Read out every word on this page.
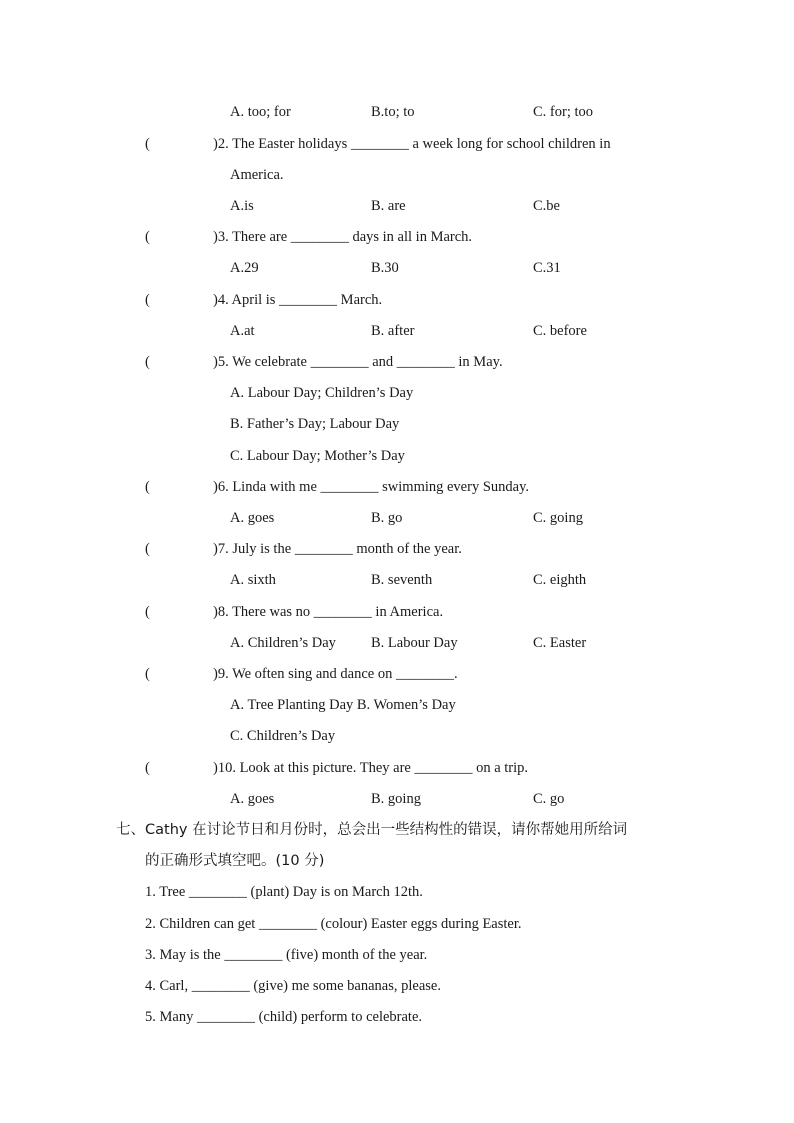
A. too; for	B.to; to	C. for; too
(	)2. The Easter holidays ________ a week long for school children in
America.
A.is	B. are	C.be
(	)3. There are ________ days in all in March.
A.29	B.30	C.31
(	)4. April is ________ March.
A.at	B. after	C. before
(	)5. We celebrate ________ and ________ in May.
A. Labour Day; Children’s Day
B. Father’s Day; Labour Day
C. Labour Day; Mother’s Day
(	)6. Linda with me ________ swimming every Sunday.
A. goes	B. go	C. going
(	)7. July is the ________ month of the year.
A. sixth	B. seventh	C. eighth
(	)8. There was no ________ in America.
A. Children’s Day B. Labour Day	C. Easter
(	)9. We often sing and dance on ________.
A. Tree Planting Day B. Women’s Day
C. Children’s Day
(	)10. Look at this picture. They are ________ on a trip.
A. goes	B. going	C. go
七、Cathy 在讨论节日和月份时，总会出一些结构性的错误，请你帮她用所给词
的正确形式填空吧。(10 分)
1. Tree ________ (plant) Day is on March 12th.
2. Children can get ________ (colour) Easter eggs during Easter.
3. May is the ________ (five) month of the year.
4. Carl, ________ (give) me some bananas, please.
5. Many ________ (child) perform to celebrate.
